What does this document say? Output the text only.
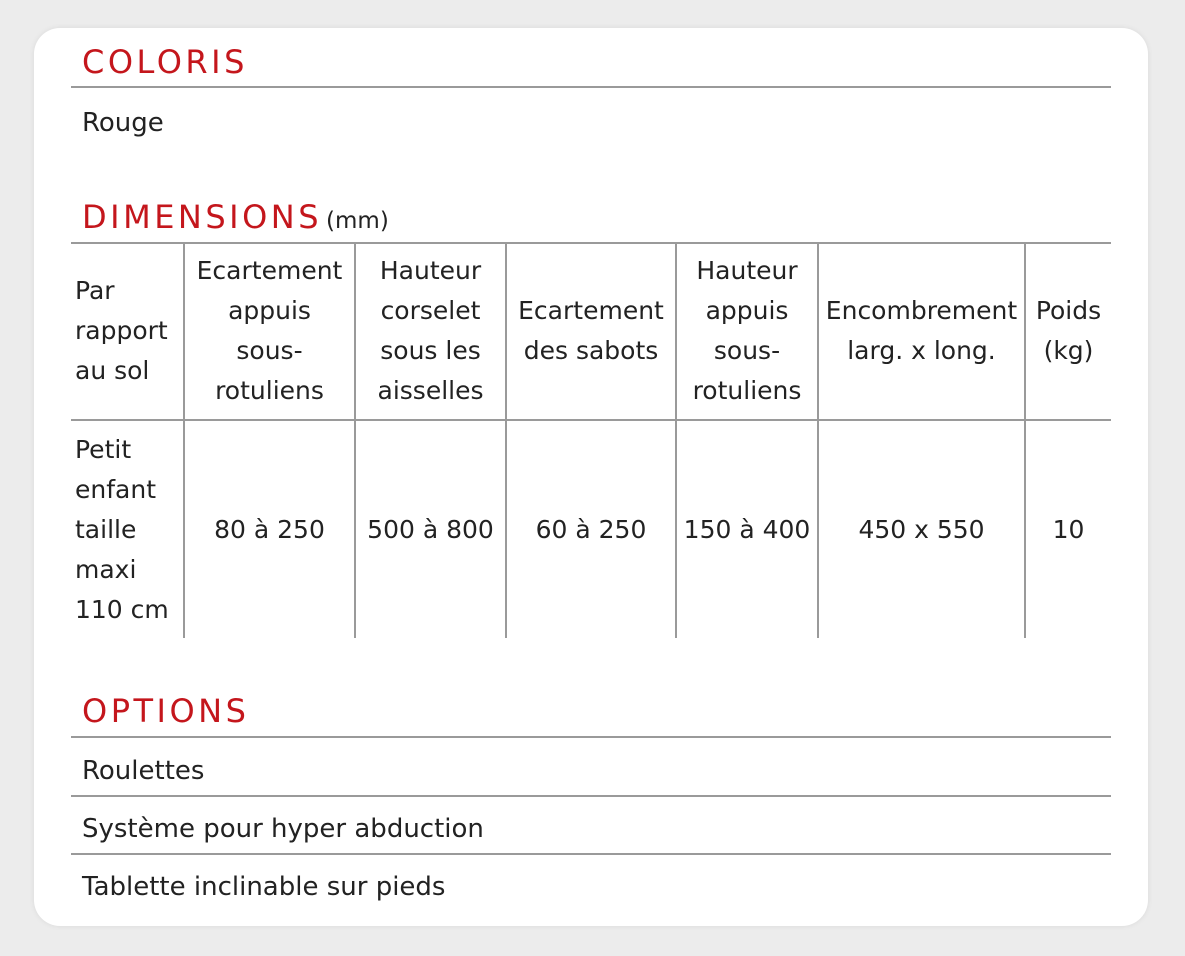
COLORIS
Rouge
DIMENSIONS (mm)
Par
rapport
au sol	Ecartement
appuis
sous-
rotuliens	Hauteur
corselet
sous les
aisselles	Ecartement
des sabots	Hauteur
appuis
sous-
rotuliens	Encombrement
larg. x long.	Poids
(kg)

Petit
enfant
taille
maxi
110 cm	80 à 250	500 à 800	60 à 250	150 à 400	450 x 550	10
OPTIONS
Roulettes
Système pour hyper abduction
Tablette inclinable sur pieds
